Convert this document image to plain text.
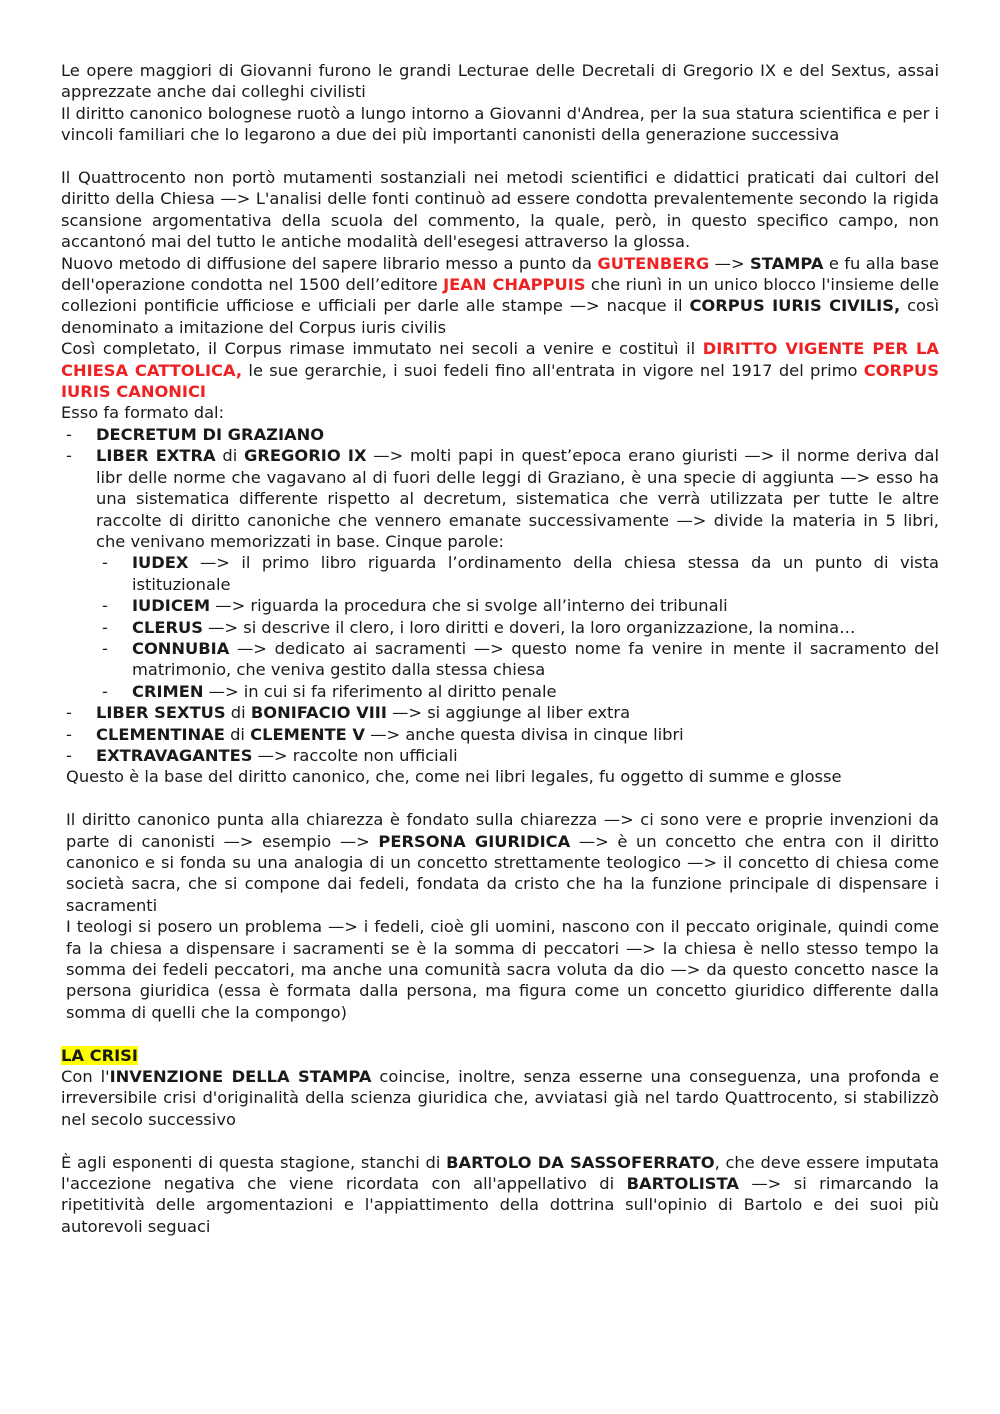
Le opere maggiori di Giovanni furono le grandi Lecturae delle Decretali di Gregorio IX e del Sextus, assai apprezzate anche dai colleghi civilisti

Il diritto canonico bolognese ruotò a lungo intorno a Giovanni d'Andrea, per la sua statura scientifica e per i vincoli familiari che lo legarono a due dei più importanti canonisti della generazione successiva

Il Quattrocento non portò mutamenti sostanziali nei metodi scientifici e didattici praticati dai cultori del diritto della Chiesa —> L'analisi delle fonti continuò ad essere condotta prevalentemente secondo la rigida scansione argomentativa della scuola del commento, la quale, però, in questo specifico campo, non accantonó mai del tutto le antiche modalità dell'esegesi attraverso la glossa.

Nuovo metodo di diffusione del sapere librario messo a punto da GUTENBERG —> STAMPA e fu alla base dell'operazione condotta nel 1500 dell’editore JEAN CHAPPUIS che riunì in un unico blocco l'insieme delle collezioni pontificie ufficiose e ufficiali per darle alle stampe —> nacque il CORPUS IURIS CIVILIS, così denominato a imitazione del Corpus iuris civilis

Così completato, il Corpus rimase immutato nei secoli a venire e costituì il DIRITTO VIGENTE PER LA CHIESA CATTOLICA, le sue gerarchie, i suoi fedeli fino all'entrata in vigore nel 1917 del primo CORPUS IURIS CANONICI

Esso fa formato dal:

- DECRETUM DI GRAZIANO
- LIBER EXTRA di GREGORIO IX —> molti papi in quest’epoca erano giuristi —> il norme deriva dal libr delle norme che vagavano al di fuori delle leggi di Graziano, è una specie di aggiunta —> esso ha una sistematica differente rispetto al decretum, sistematica che verrà utilizzata per tutte le altre raccolte di diritto canoniche che vennero emanate successivamente —> divide la materia in 5 libri, che venivano memorizzati in base. Cinque parole:
- IUDEX —> il primo libro riguarda l’ordinamento della chiesa stessa da un punto di vista istituzionale
- IUDICEM —> riguarda la procedura che si svolge all’interno dei tribunali
- CLERUS —> si descrive il clero, i loro diritti e doveri, la loro organizzazione, la nomina…
- CONNUBIA —> dedicato ai sacramenti —> questo nome fa venire in mente il sacramento del matrimonio, che veniva gestito dalla stessa chiesa
- CRIMEN —> in cui si fa riferimento al diritto penale
- LIBER SEXTUS di BONIFACIO VIII —> si aggiunge al liber extra
- CLEMENTINAE di CLEMENTE V —> anche questa divisa in cinque libri
- EXTRAVAGANTES —> raccolte non ufficiali

Questo è la base del diritto canonico, che, come nei libri legales, fu oggetto di summe e glosse

Il diritto canonico punta alla chiarezza è fondato sulla chiarezza —> ci sono vere e proprie invenzioni da parte di canonisti —> esempio —> PERSONA GIURIDICA —> è un concetto che entra con il diritto canonico e si fonda su una analogia di un concetto strettamente teologico —> il concetto di chiesa come società sacra, che si compone dai fedeli, fondata da cristo che ha la funzione principale di dispensare i sacramenti

I teologi si posero un problema —> i fedeli, cioè gli uomini, nascono con il peccato originale, quindi come fa la chiesa a dispensare i sacramenti se è la somma di peccatori —> la chiesa è nello stesso tempo la somma dei fedeli peccatori, ma anche una comunità sacra voluta da dio —> da questo concetto nasce la persona giuridica (essa è formata dalla persona, ma figura come un concetto giuridico differente dalla somma di quelli che la compongo)

LA CRISI

Con l'INVENZIONE DELLA STAMPA coincise, inoltre, senza esserne una conseguenza, una profonda e irreversibile crisi d'originalità della scienza giuridica che, avviatasi già nel tardo Quattrocento, si stabilizzò nel secolo successivo

È agli esponenti di questa stagione, stanchi di BARTOLO DA SASSOFERRATO, che deve essere imputata l'accezione negativa che viene ricordata con all'appellativo di BARTOLISTA —> si rimarcando la ripetitività delle argomentazioni e l'appiattimento della dottrina sull'opinio di Bartolo e dei suoi più autorevoli seguaci
